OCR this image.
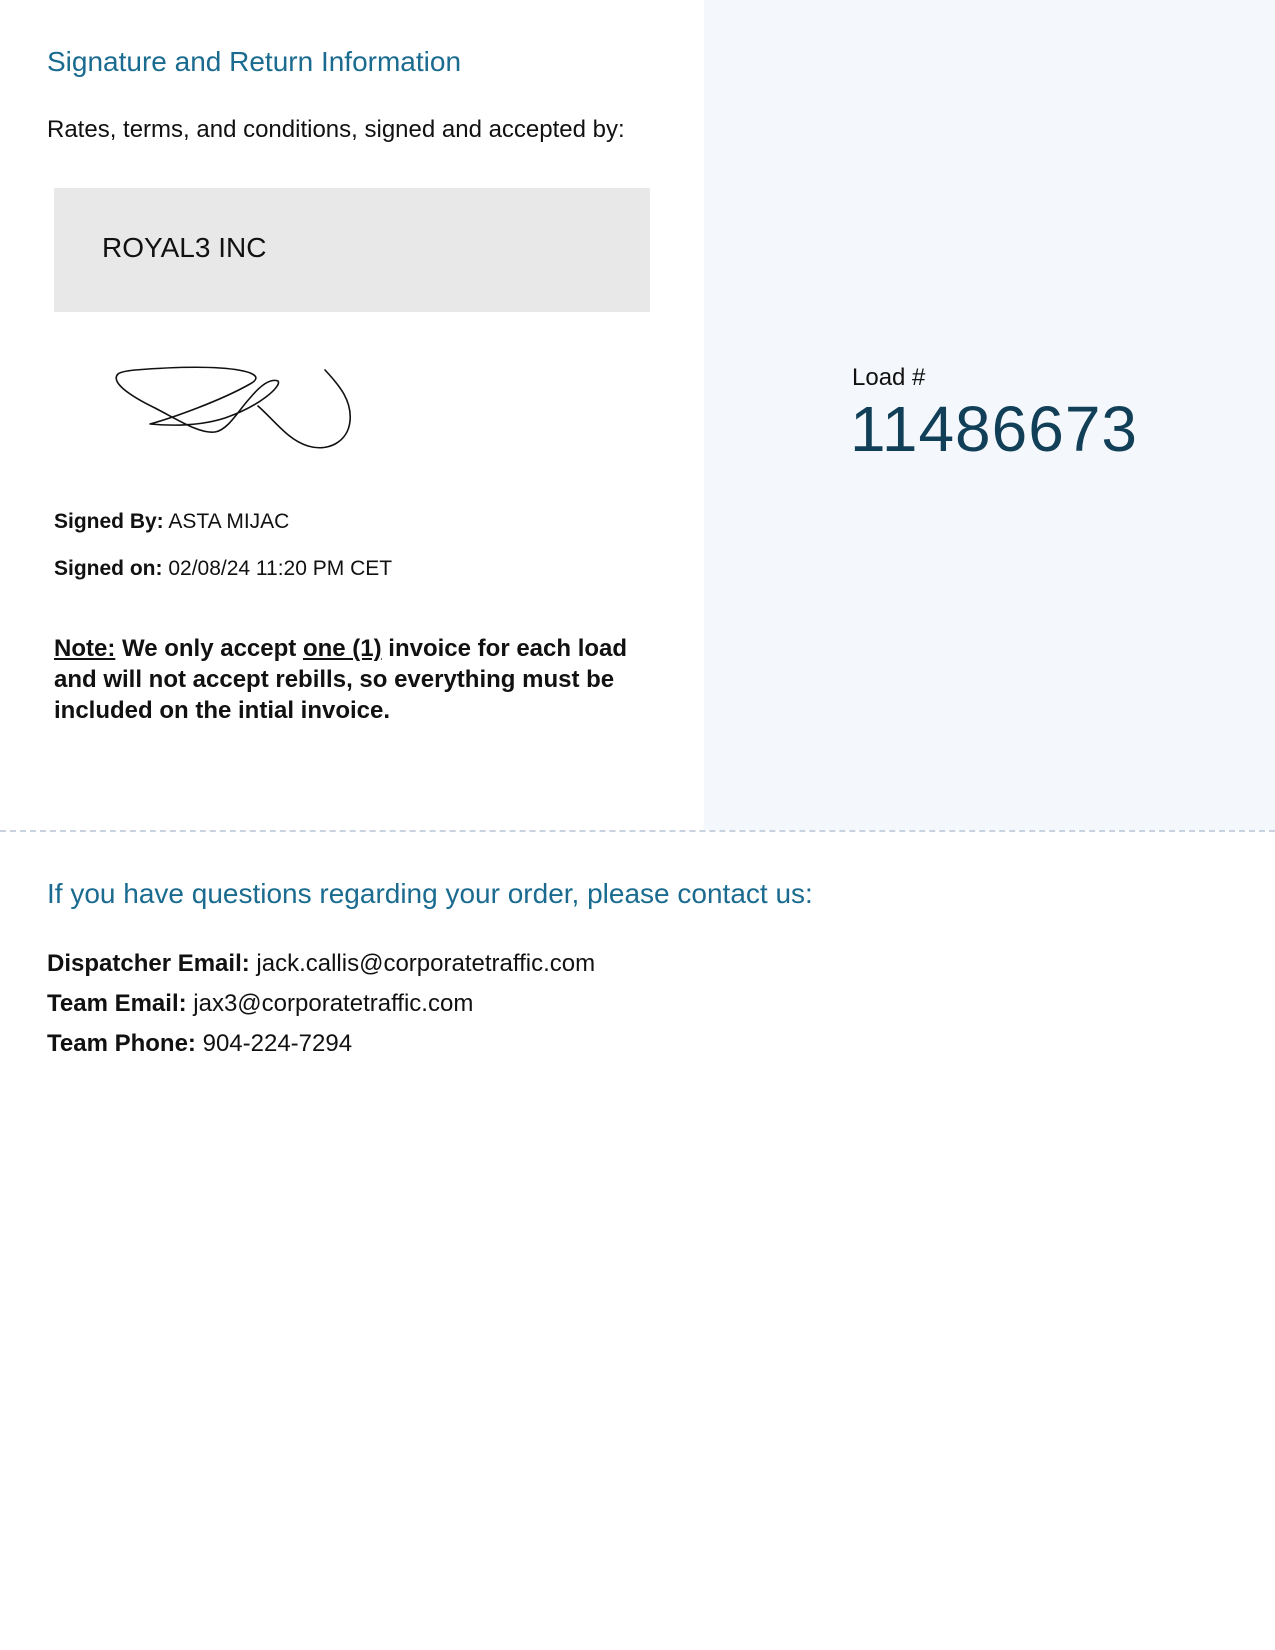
Signature and Return Information
Rates, terms, and conditions, signed and accepted by:
ROYAL3 INC
Signed By: ASTA MIJAC
Signed on: 02/08/24 11:20 PM CET
Note: We only accept one (1) invoice for each load and will not accept rebills, so everything must be included on the intial invoice.
Load #
11486673
If you have questions regarding your order, please contact us:
Dispatcher Email: jack.callis@corporatetraffic.com
Team Email: jax3@corporatetraffic.com
Team Phone: 904-224-7294
